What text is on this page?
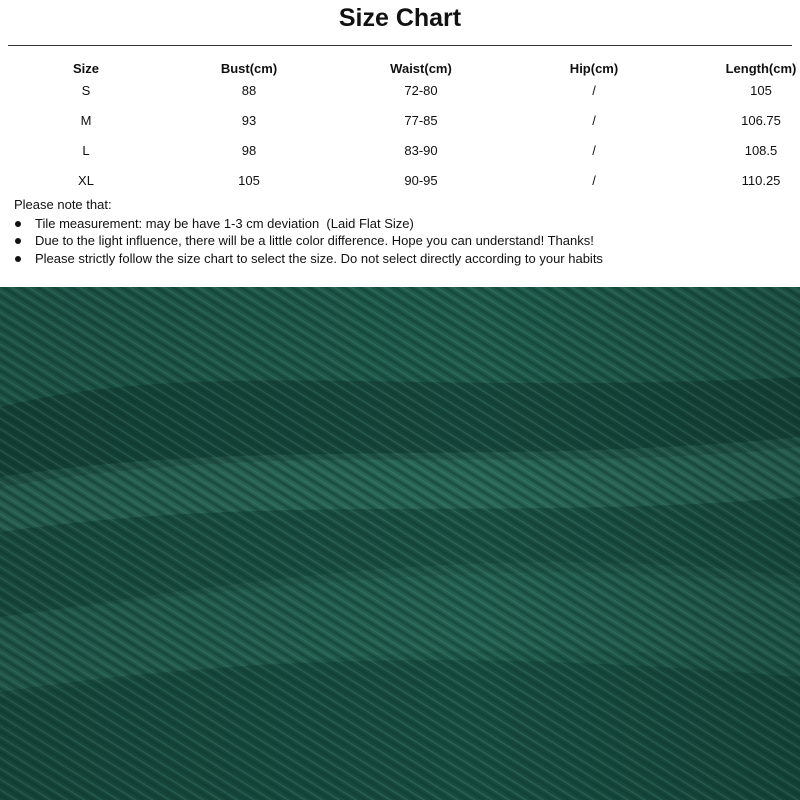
Size Chart
Size	Bust(cm)	Waist(cm)	Hip(cm)	Length(cm)
S	88	72-80	/	105
M	93	77-85	/	106.75
L	98	83-90	/	108.5
XL	105	90-95	/	110.25
Please note that:
Tile measurement: may be have 1-3 cm deviation  (Laid Flat Size)
Due to the light influence, there will be a little color difference. Hope you can understand! Thanks!
Please strictly follow the size chart to select the size. Do not select directly according to your habits
